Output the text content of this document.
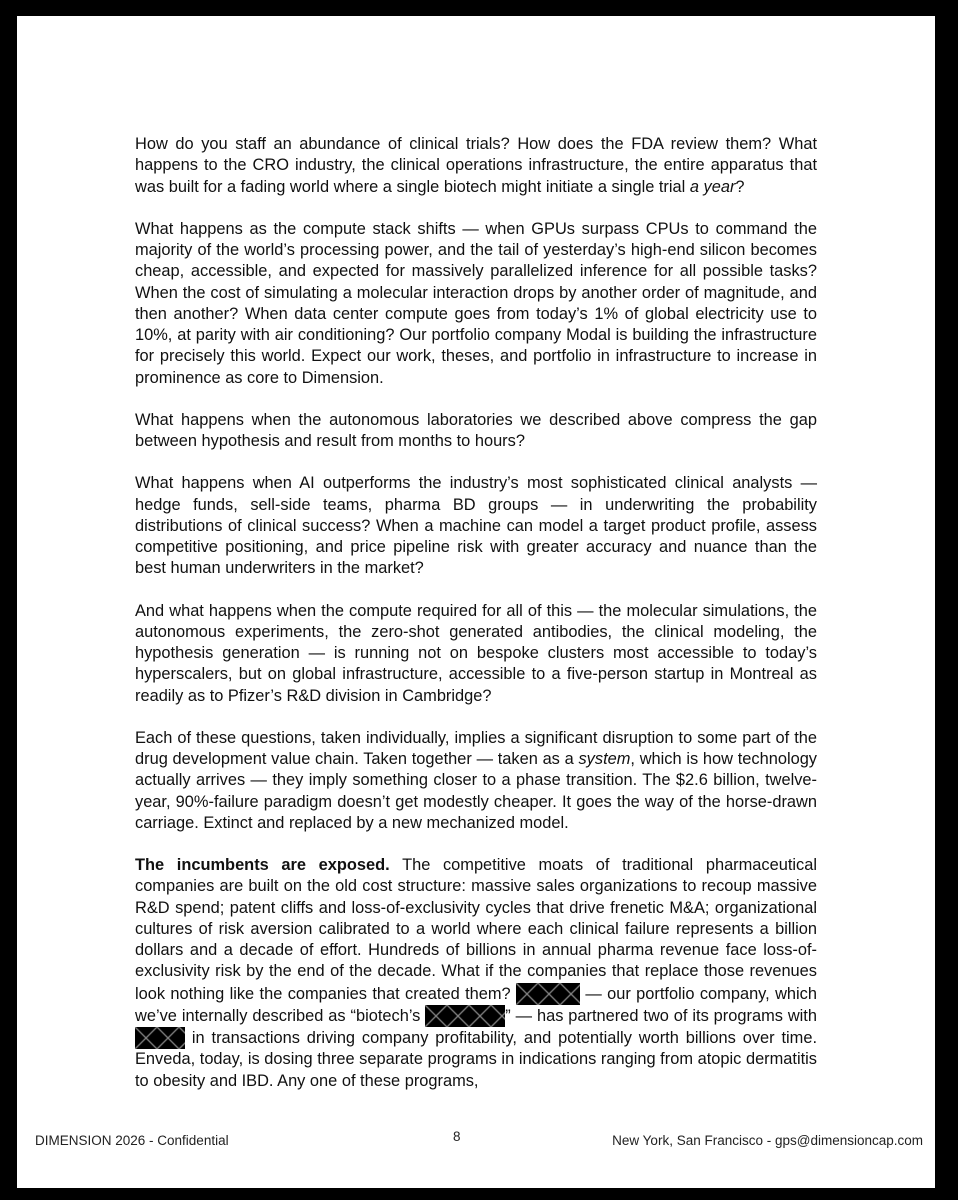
How do you staff an abundance of clinical trials? How does the FDA review them? What happens to the CRO industry, the clinical operations infrastructure, the entire apparatus that was built for a fading world where a single biotech might initiate a single trial a year?

What happens as the compute stack shifts — when GPUs surpass CPUs to command the majority of the world’s processing power, and the tail of yesterday’s high-end silicon becomes cheap, accessible, and expected for massively parallelized inference for all possible tasks? When the cost of simulating a molecular interaction drops by another order of magnitude, and then another? When data center compute goes from today’s 1% of global electricity use to 10%, at parity with air conditioning? Our portfolio company Modal is building the infrastructure for precisely this world. Expect our work, theses, and portfolio in infrastructure to increase in prominence as core to Dimension.

What happens when the autonomous laboratories we described above compress the gap between hypothesis and result from months to hours?

What happens when AI outperforms the industry’s most sophisticated clinical analysts — hedge funds, sell-side teams, pharma BD groups — in underwriting the probability distributions of clinical success? When a machine can model a target product profile, assess competitive positioning, and price pipeline risk with greater accuracy and nuance than the best human underwriters in the market?

And what happens when the compute required for all of this — the molecular simulations, the autonomous experiments, the zero-shot generated antibodies, the clinical modeling, the hypothesis generation — is running not on bespoke clusters most accessible to today’s hyperscalers, but on global infrastructure, accessible to a five-person startup in Montreal as readily as to Pfizer’s R&D division in Cambridge?

Each of these questions, taken individually, implies a significant disruption to some part of the drug development value chain. Taken together — taken as a system, which is how technology actually arrives — they imply something closer to a phase transition. The $2.6 billion, twelve-year, 90%-failure paradigm doesn’t get modestly cheaper. It goes the way of the horse-drawn carriage. Extinct and replaced by a new mechanized model.

The incumbents are exposed. The competitive moats of traditional pharmaceutical companies are built on the old cost structure: massive sales organizations to recoup massive R&D spend; patent cliffs and loss-of-exclusivity cycles that drive frenetic M&A; organizational cultures of risk aversion calibrated to a world where each clinical failure represents a billion dollars and a decade of effort. Hundreds of billions in annual pharma revenue face loss-of-exclusivity risk by the end of the decade. What if the companies that replace those revenues look nothing like the companies that created them?	— our portfolio company, which we’ve internally described as “biotech’s	” — has partnered two of its programs with  in transactions driving company profitability, and potentially worth billions over time. Enveda, today, is dosing three separate programs in indications ranging from atopic dermatitis to obesity and IBD. Any one of these programs,

DIMENSION 2026 - Confidential	8	New York, San Francisco - gps@dimensioncap.com
